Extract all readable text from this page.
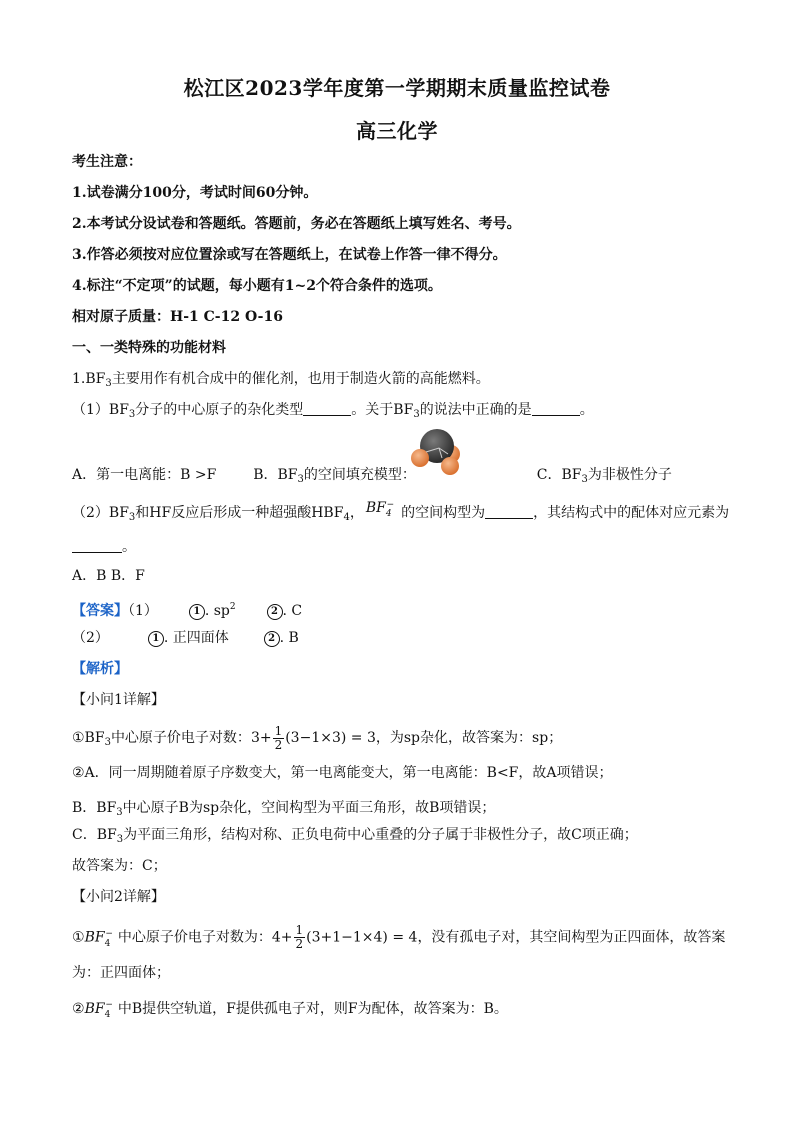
松江区2023学年度第一学期期末质量监控试卷
高三化学
考生注意：
1.试卷满分100分，考试时间60分钟。
2.本考试分设试卷和答题纸。答题前，务必在答题纸上填写姓名、考号。
3.作答必须按对应位置涂或写在答题纸上，在试卷上作答一律不得分。
4.标注“不定项”的试题，每小题有1~2个符合条件的选项。
相对原子质量：H-1 C-12 O-16
一、一类特殊的功能材料
$1.BF_3$主要用作有机合成中的催化剂，也用于制造火箭的高能燃料。
$(1)BF_3$分子的中心原子的杂化类型	。关于$BF_3$的说法中正确的是	。
A．第一电离能：B >F	B．$BF_3$的空间填充模型：	C．$BF_3$为非极性分子
$(2)BF_3$和HF反应后形成一种超强酸$HBF_4$， $BF_4^-$ 的空间构型为	，其结构式中的配体对应元素为
。
A．B B．F
【答案】（1）	1 . $sp^2$	2 . C
（2）	1 . 正四面体	2 . B
【解析】
【小问1详解】
$①BF_3$中心原子价电子对数：$3+ \frac{1}{2} (3-1\times 3) = 3$，为sp杂化，故答案为：sp；
②A．同一周期随着原子序数变大，第一电离能变大，第一电离能：B<F，故A项错误；
B．$BF_3$中心原子B为sp杂化，空间构型为平面三角形，故B项错误；
C．$BF_3$为平面三角形，结构对称、正负电荷中心重叠的分子属于非极性分子，故C项正确；
故答案为：C；
【小问2详解】
$①BF_4^-$ 中心原子价电子对数为：$4+ \frac{1}{2} (3+1-1\times 4) = 4$，没有孤电子对，其空间构型为正四面体，故答案
为：正四面体；
$②BF_4^-$ 中B提供空轨道，F提供孤电子对，则F为配体，故答案为：B。
